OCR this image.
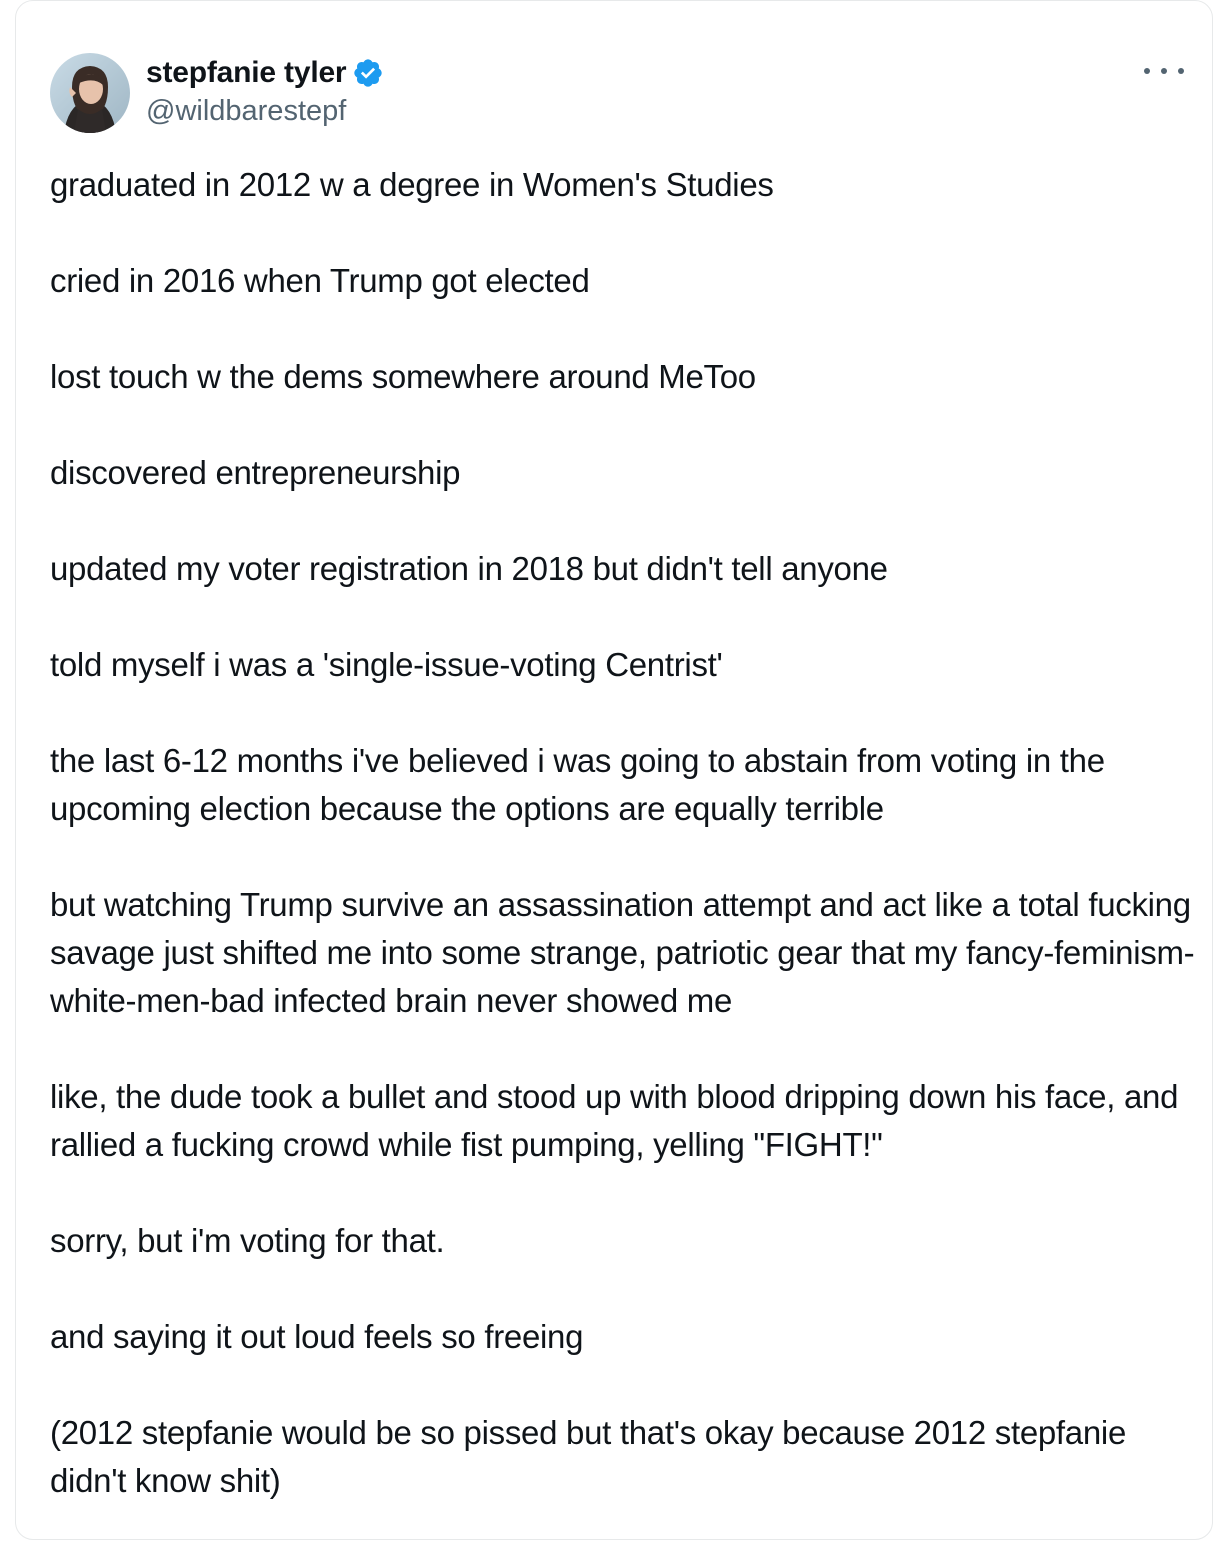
stepfanie tyler
@wildbarestepf

graduated in 2012 w a degree in Women's Studies

cried in 2016 when Trump got elected

lost touch w the dems somewhere around MeToo

discovered entrepreneurship

updated my voter registration in 2018 but didn't tell anyone

told myself i was a 'single-issue-voting Centrist'

the last 6-12 months i've believed i was going to abstain from voting in the upcoming election because the options are equally terrible

but watching Trump survive an assassination attempt and act like a total fucking savage just shifted me into some strange, patriotic gear that my fancy-feminism-white-men-bad infected brain never showed me

like, the dude took a bullet and stood up with blood dripping down his face, and rallied a fucking crowd while fist pumping, yelling "FIGHT!"

sorry, but i'm voting for that.

and saying it out loud feels so freeing

(2012 stepfanie would be so pissed but that's okay because 2012 stepfanie didn't know shit)
